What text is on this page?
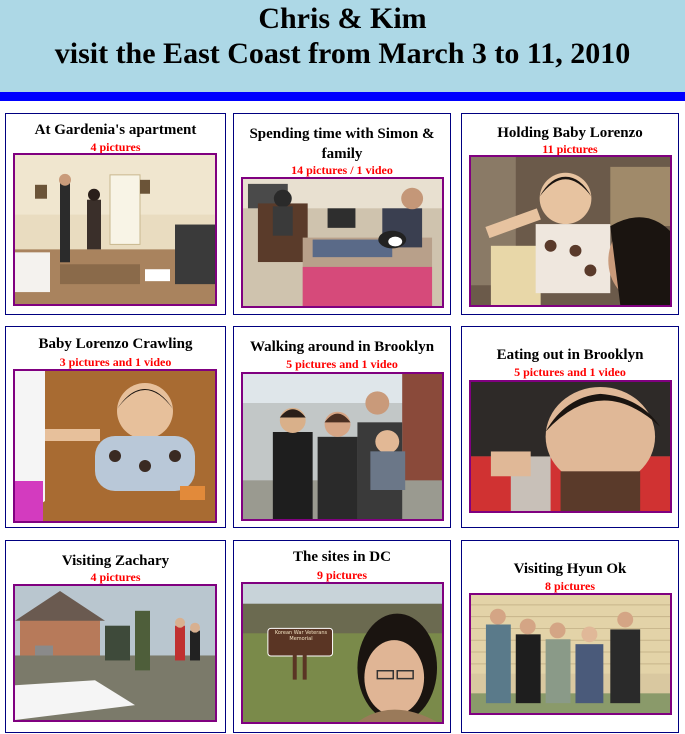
Chris & Kim
visit the East Coast from March 3 to 11, 2010
At Gardenia's apartment
4 pictures
Spending time with Simon & family
14 pictures / 1 video
Holding Baby Lorenzo
11 pictures
Baby Lorenzo Crawling
3 pictures and 1 video
Walking around in Brooklyn
5 pictures and 1 video
Eating out in Brooklyn
5 pictures and 1 video
Visiting Zachary
4 pictures
The sites in DC
9 pictures
Korean War Veterans Memorial
Visiting Hyun Ok
8 pictures
